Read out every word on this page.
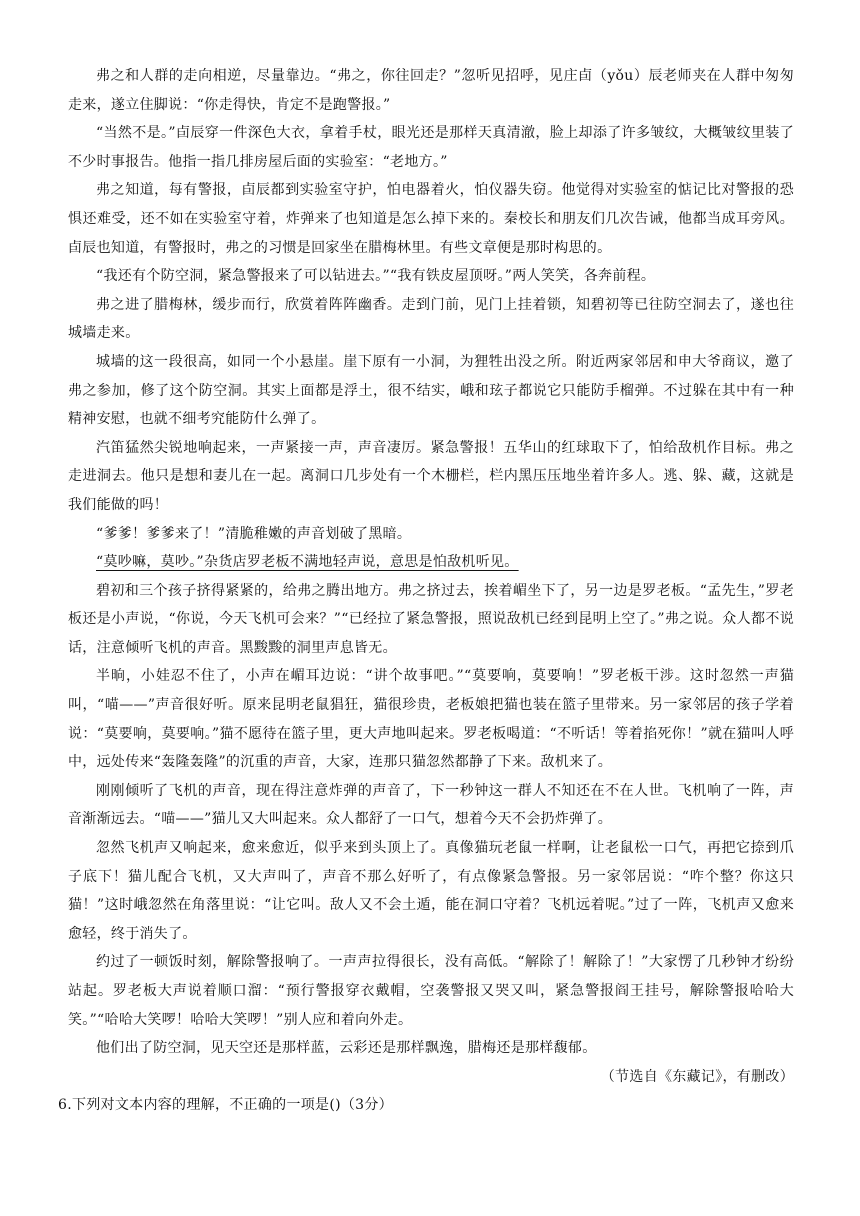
弗之和人群的走向相逆，尽量靠边。“弗之，你往回走？”忽听见招呼，见庄卣（yǒu）辰老师夹在人群中匆匆走来，遂立住脚说：“你走得快，肯定不是跑警报。”

“当然不是。”卣辰穿一件深色大衣，拿着手杖，眼光还是那样天真清澈，脸上却添了许多皱纹，大概皱纹里装了不少时事报告。他指一指几排房屋后面的实验室：“老地方。”

弗之知道，每有警报，卣辰都到实验室守护，怕电器着火，怕仪器失窃。他觉得对实验室的惦记比对警报的恐惧还难受，还不如在实验室守着，炸弹来了也知道是怎么掉下来的。秦校长和朋友们几次告诫，他都当成耳旁风。卣辰也知道，有警报时，弗之的习惯是回家坐在腊梅林里。有些文章便是那时构思的。

“我还有个防空洞，紧急警报来了可以钻进去。”“我有铁皮屋顶呀。”两人笑笑，各奔前程。

弗之进了腊梅林，缓步而行，欣赏着阵阵幽香。走到门前，见门上挂着锁，知碧初等已往防空洞去了，遂也往城墙走来。

城墙的这一段很高，如同一个小悬崖。崖下原有一小洞，为狸牲出没之所。附近两家邻居和申大爷商议，邀了弗之参加，修了这个防空洞。其实上面都是浮土，很不结实，峨和玹子都说它只能防手榴弹。不过躲在其中有一种精神安慰，也就不细考究能防什么弹了。

汽笛猛然尖锐地响起来，一声紧接一声，声音凄厉。紧急警报！五华山的红球取下了，怕给敌机作目标。弗之走进洞去。他只是想和妻儿在一起。离洞口几步处有一个木栅栏，栏内黑压压地坐着许多人。逃、躲、藏，这就是我们能做的吗！

“爹爹！爹爹来了！”清脆稚嫩的声音划破了黑暗。

“莫吵嘛，莫吵。”杂货店罗老板不满地轻声说，意思是怕敌机听见。

碧初和三个孩子挤得紧紧的，给弗之腾出地方。弗之挤过去，挨着嵋坐下了，另一边是罗老板。“孟先生，”罗老板还是小声说，“你说，今天飞机可会来？”“已经拉了紧急警报，照说敌机已经到昆明上空了。”弗之说。众人都不说话，注意倾听飞机的声音。黑黢黢的洞里声息皆无。

半晌，小娃忍不住了，小声在嵋耳边说：“讲个故事吧。”“莫要响，莫要响！”罗老板干涉。这时忽然一声猫叫，“喵——”声音很好听。原来昆明老鼠猖狂，猫很珍贵，老板娘把猫也装在篮子里带来。另一家邻居的孩子学着说：“莫要响，莫要响。”猫不愿待在篮子里，更大声地叫起来。罗老板喝道：“不听话！等着掐死你！”就在猫叫人呼中，远处传来“轰隆轰隆”的沉重的声音，大家，连那只猫忽然都静了下来。敌机来了。

刚刚倾听了飞机的声音，现在得注意炸弹的声音了，下一秒钟这一群人不知还在不在人世。飞机响了一阵，声音渐渐远去。“喵——”猫儿又大叫起来。众人都舒了一口气，想着今天不会扔炸弹了。

忽然飞机声又响起来，愈来愈近，似乎来到头顶上了。真像猫玩老鼠一样啊，让老鼠松一口气，再把它捺到爪子底下！猫儿配合飞机，又大声叫了，声音不那么好听了，有点像紧急警报。另一家邻居说：“咋个整？你这只猫！”这时峨忽然在角落里说：“让它叫。敌人又不会土遁，能在洞口守着？飞机远着呢。”过了一阵，飞机声又愈来愈轻，终于消失了。

约过了一顿饭时刻，解除警报响了。一声声拉得很长，没有高低。“解除了！解除了！”大家愣了几秒钟才纷纷站起。罗老板大声说着顺口溜：“预行警报穿衣戴帽，空袭警报又哭又叫，紧急警报阎王挂号，解除警报哈哈大笑。”“哈哈大笑啰！哈哈大笑啰！”别人应和着向外走。

他们出了防空洞，见天空还是那样蓝，云彩还是那样飘逸，腊梅还是那样馥郁。

（节选自《东藏记》，有删改）

6.下列对文本内容的理解，不正确的一项是()（3分）
